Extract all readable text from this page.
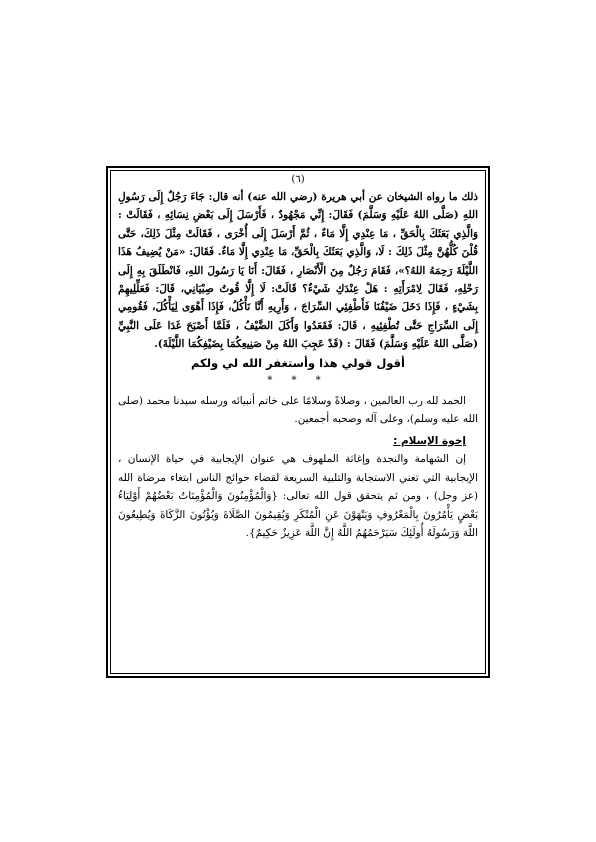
(٦)

ذلك ما رواه الشيخان عن أبي هريرة (رضي الله عنه) أنه قال: جَاءَ رَجُلٌ إِلَى رَسُولِ اللهِ (صَلَّى اللهُ عَلَيْهِ وَسَلَّمَ) فَقَالَ: إِنِّي مَجْهُودٌ ، فَأَرْسَلَ إِلَى بَعْضِ نِسَائِهِ ، فَقَالَتْ : وَالَّذِي بَعَثَكَ بِالْحَقِّ ، مَا عِنْدِي إِلَّا مَاءٌ ، ثُمَّ أَرْسَلَ إِلَى أُخْرَى ، فَقَالَتْ مِثْلَ ذَلِكَ، حَتَّى قُلْنَ كُلُّهُنَّ مِثْلَ ذَلِكَ : لَا، وَالَّذِي بَعَثَكَ بِالْحَقِّ، مَا عِنْدِي إِلَّا مَاءٌ. فَقَالَ: «مَنْ يُضِيفُ هَذَا اللَّيْلَةَ رَحِمَهُ اللهُ؟»، فَقَامَ رَجُلٌ مِنَ الْأَنْصَارِ ، فَقَالَ: أَنَا يَا رَسُولَ اللهِ، فَانْطَلَقَ بِهِ إِلَى رَحْلِهِ، فَقَالَ لِامْرَأَتِهِ : هَلْ عِنْدَكِ شَيْءٌ؟ قَالَتْ: لَا إِلَّا قُوتُ صِبْيَانِي، قَالَ: فَعَلِّلِيهِمْ بِشَيْءٍ ، فَإِذَا دَخَلَ ضَيْفُنَا فَأَطْفِئِي السِّرَاجَ ، وَأَرِيهِ أَنَّا نَأْكُلُ، فَإِذَا أَهْوَى لِيَأْكُلَ، فَقُومِي إِلَى السِّرَاجِ حَتَّى تُطْفِئِيهِ ، قَالَ: فَقَعَدُوا وَأَكَلَ الضَّيْفُ ، فَلَمَّا أَصْبَحَ غَدَا عَلَى النَّبِيِّ (صَلَّى اللهُ عَلَيْهِ وَسَلَّمَ) فَقَالَ : (قَدْ عَجِبَ اللهُ مِنْ صَنِيعِكُمَا بِضَيْفِكُمَا اللَّيْلَةَ).

أقول قولي هذا وأستغفر الله لي ولكم

* * *

الحمد لله رب العالمين ، وصلاةً وسلامًا على خاتم أنبيائه ورسله سيدنا محمد (صلى الله عليه وسلم)، وعلى آله وصحبه أجمعين.

إخوة الإسلام :

إن الشهامة والنجدة وإغاثة الملهوف هي عنوان الإيجابية في حياة الإنسان ، الإيجابية التي تعني الاستجابة والتلبية السريعة لقضاء حوائج الناس ابتغاء مرضاة الله (عز وجل) ، ومن ثم يتحقق قول الله تعالى: {وَالْمُؤْمِنُونَ وَالْمُؤْمِنَاتُ بَعْضُهُمْ أَوْلِيَاءُ بَعْضٍ يَأْمُرُونَ بِالْمَعْرُوفِ وَيَنْهَوْنَ عَنِ الْمُنْكَرِ وَيُقِيمُونَ الصَّلَاةَ وَيُؤْتُونَ الزَّكَاةَ وَيُطِيعُونَ اللَّهَ وَرَسُولَهُ أُولَئِكَ سَيَرْحَمُهُمُ اللَّهُ إِنَّ اللَّهَ عَزِيزٌ حَكِيمٌ}.
